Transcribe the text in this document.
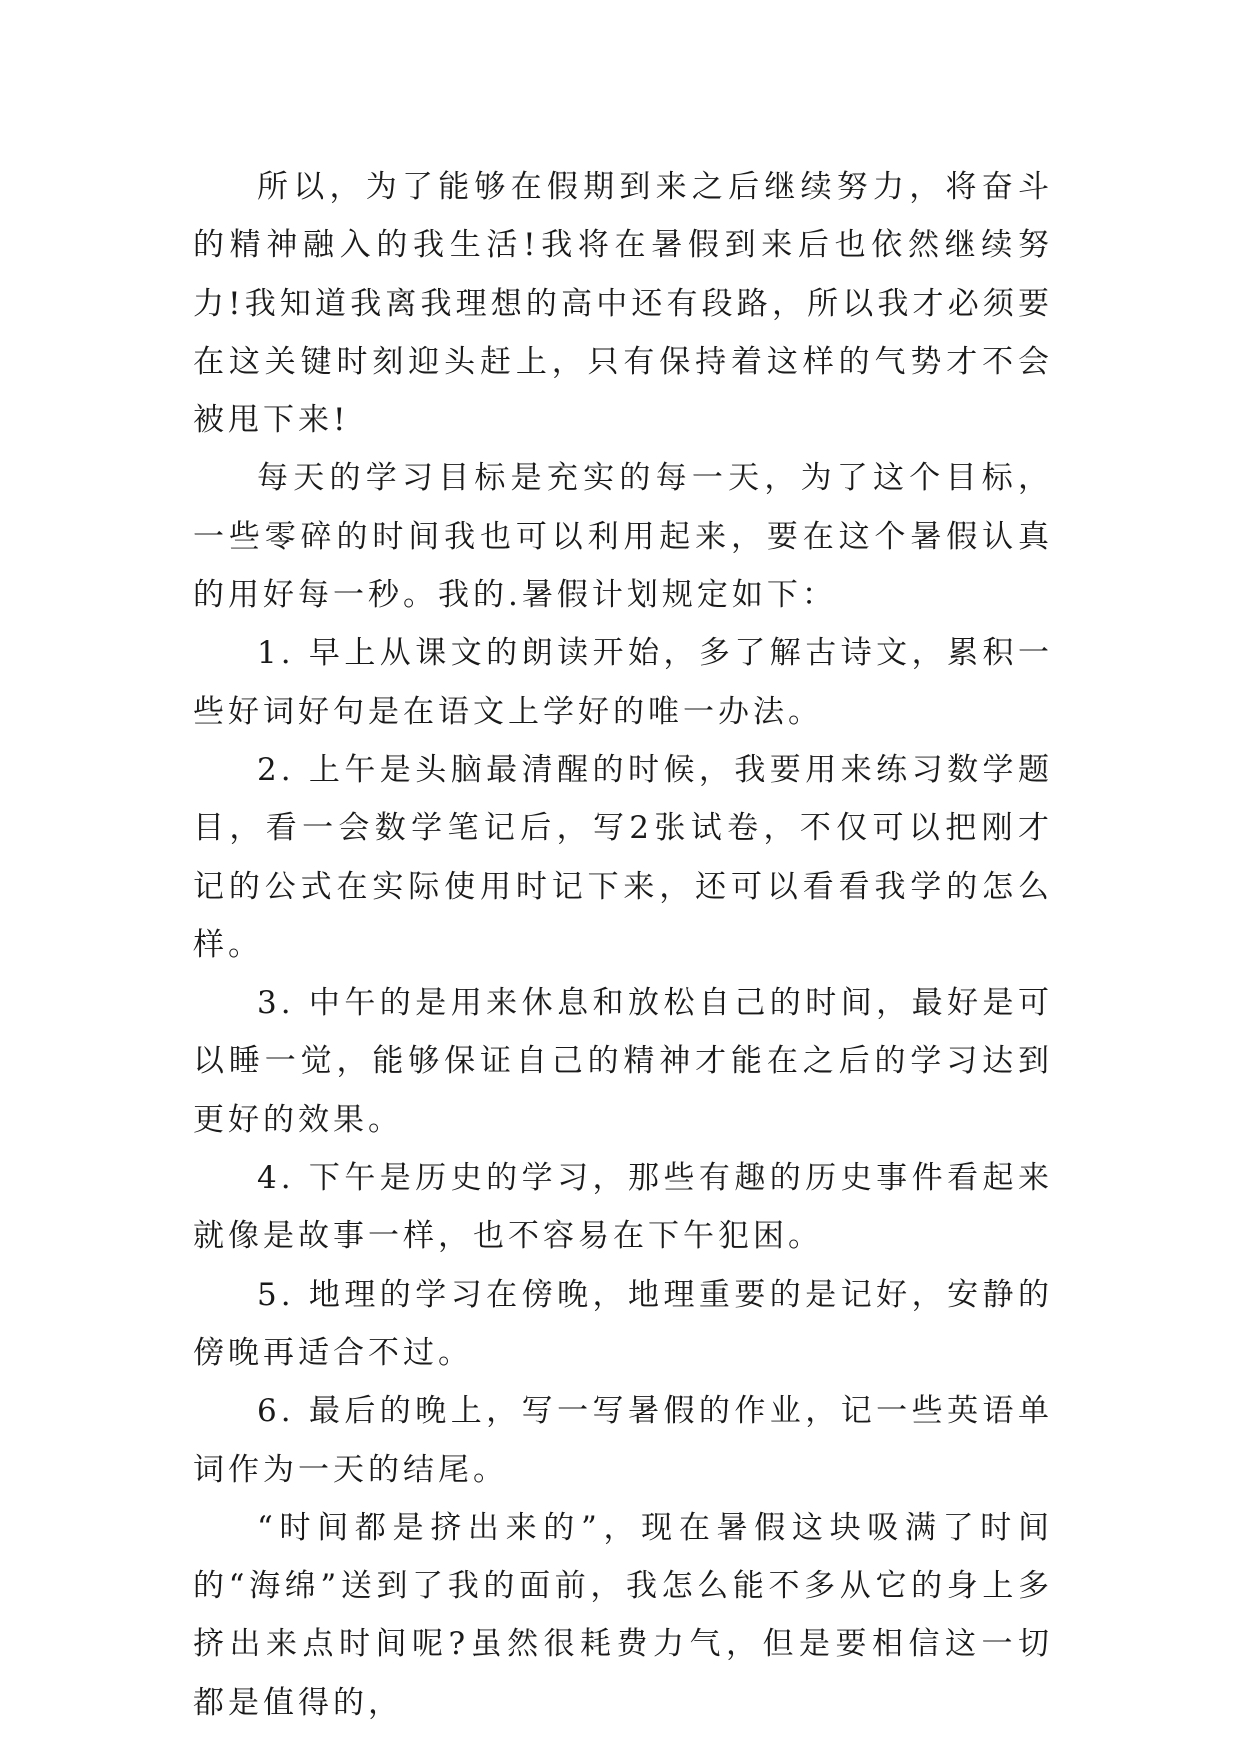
所以，为了能够在假期到来之后继续努力，将奋斗的精神融入的我生活!我将在暑假到来后也依然继续努力!我知道我离我理想的高中还有段路，所以我才必须要在这关键时刻迎头赶上，只有保持着这样的气势才不会被甩下来!

每天的学习目标是充实的每一天，为了这个目标，一些零碎的时间我也可以利用起来，要在这个暑假认真的用好每一秒。我的.暑假计划规定如下：

1. 早上从课文的朗读开始，多了解古诗文，累积一些好词好句是在语文上学好的唯一办法。

2. 上午是头脑最清醒的时候，我要用来练习数学题目，看一会数学笔记后，写2张试卷，不仅可以把刚才记的公式在实际使用时记下来，还可以看看我学的怎么样。

3. 中午的是用来休息和放松自己的时间，最好是可以睡一觉，能够保证自己的精神才能在之后的学习达到更好的效果。

4. 下午是历史的学习，那些有趣的历史事件看起来就像是故事一样，也不容易在下午犯困。

5. 地理的学习在傍晚，地理重要的是记好，安静的傍晚再适合不过。

6. 最后的晚上，写一写暑假的作业，记一些英语单词作为一天的结尾。

“时间都是挤出来的”，现在暑假这块吸满了时间的“海绵”送到了我的面前，我怎么能不多从它的身上多挤出来点时间呢?虽然很耗费力气，但是要相信这一切都是值得的，
